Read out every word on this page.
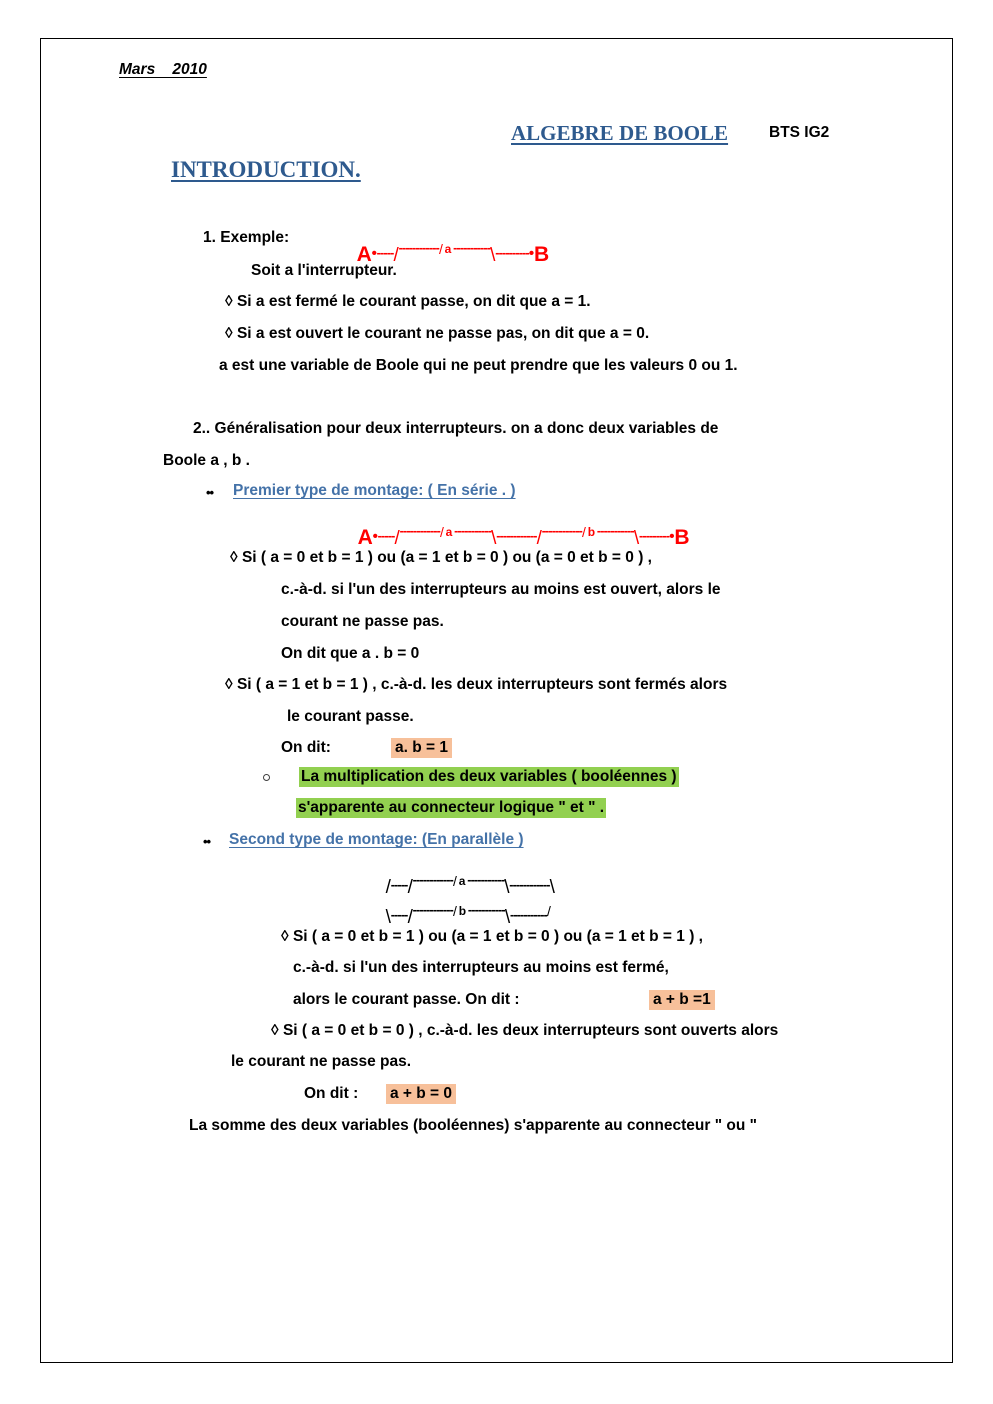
Mars    2010
ALGEBRE DE BOOLE	BTS IG2
INTRODUCTION.
1. Exemple:

A•-----/------------/ a -----------\----------•B

Soit a l'interrupteur.
◊ Si a est fermé le courant passe, on dit que a = 1.
◊ Si a est ouvert le courant ne passe pas, on dit que a = 0.
a est une variable de Boole qui ne peut prendre que les valeurs 0 ou 1.
2.. Généralisation pour deux interrupteurs. on a donc deux variables de
Boole a , b .
•• Premier type de montage: ( En série . )

A•-----/------------/ a -----------\------------/------------/ b -----------\---------•B

◊ Si ( a = 0 et b = 1 ) ou (a = 1 et b = 0 ) ou (a = 0 et b = 0 ) ,
c.-à-d. si l'un des interrupteurs au moins est ouvert, alors le
courant ne passe pas.
On dit que a . b = 0
◊ Si ( a = 1 et b = 1 ) , c.-à-d. les deux interrupteurs sont fermés alors
le courant passe.
On dit:	a. b = 1
La multiplication des deux variables ( booléennes )
s'apparente au connecteur logique " et " .
•• Second type de montage: (En parallèle )

/-----/------------/ a -----------\------------\

\-----/------------/ b -----------\-----------/

◊ Si ( a = 0 et b = 1 ) ou (a = 1 et b = 0 ) ou (a = 1 et b = 1 ) ,
c.-à-d. si l'un des interrupteurs au moins est fermé,
alors le courant passe. On dit :	a + b =1
◊ Si ( a = 0 et b = 0 ) , c.-à-d. les deux interrupteurs sont ouverts alors
le courant ne passe pas.
On dit : a + b = 0
La somme des deux variables (booléennes) s'apparente au connecteur " ou "
